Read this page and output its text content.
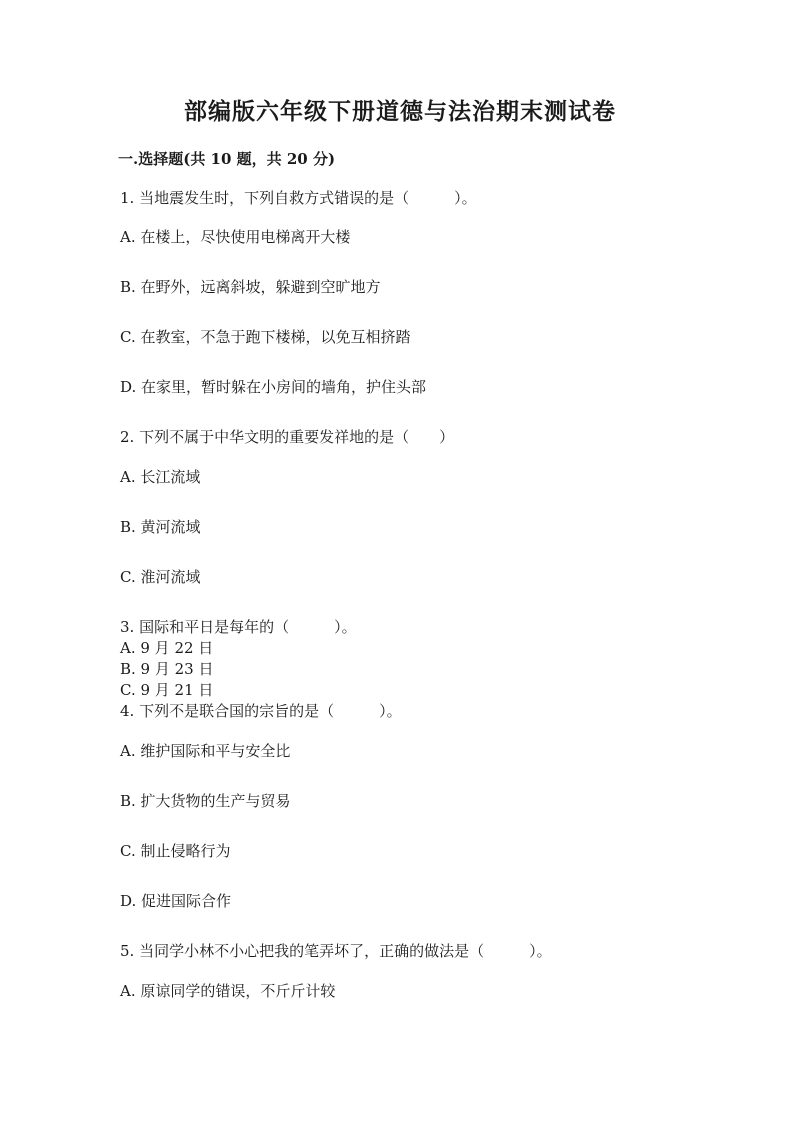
部编版六年级下册道德与法治期末测试卷
一.选择题(共 10 题，共 20 分)
1. 当地震发生时，下列自救方式错误的是（　　　）。
A. 在楼上，尽快使用电梯离开大楼
B. 在野外，远离斜坡，躲避到空旷地方
C. 在教室，不急于跑下楼梯，以免互相挤踏
D. 在家里，暂时躲在小房间的墙角，护住头部
2. 下列不属于中华文明的重要发祥地的是（　　）
A. 长江流域
B. 黄河流域
C. 淮河流域
3. 国际和平日是每年的（　　　）。
A. 9 月 22 日
B. 9 月 23 日
C. 9 月 21 日
4. 下列不是联合国的宗旨的是（　　　）。
A. 维护国际和平与安全比
B. 扩大货物的生产与贸易
C. 制止侵略行为
D. 促进国际合作
5. 当同学小林不小心把我的笔弄坏了，正确的做法是（　　　）。
A. 原谅同学的错误，不斤斤计较
